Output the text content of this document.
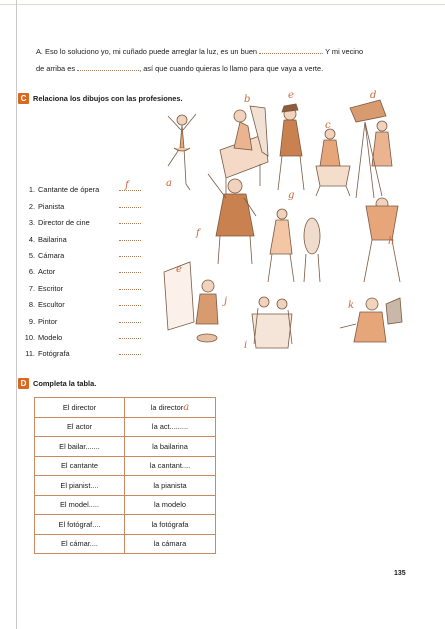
A. Eso lo soluciono yo, mi cuñado puede arreglar la luz, es un buen	. Y mi vecino
de arriba es	, así que cuando quieras lo llamo para que vaya a verte.
C Relaciona los dibujos con las profesiones.
1. Cantante de ópera	f
2. Pianista
3. Director de cine
4. Bailarina
5. Cámara
6. Actor
7. Escritor
8. Escultor
9. Pintor
10. Modelo
11. Fotógrafa
a
b	e
c
d
f
g
h
i
j	k
e
D Completa la tabla.
El director	la directora
El actor	la act.........
El bailar.......	la bailarina
El cantante	la cantant....
El pianist....	la pianista
El model.....	la modelo
El fotógraf....	la fotógrafa
El cámar....	la cámara
135
